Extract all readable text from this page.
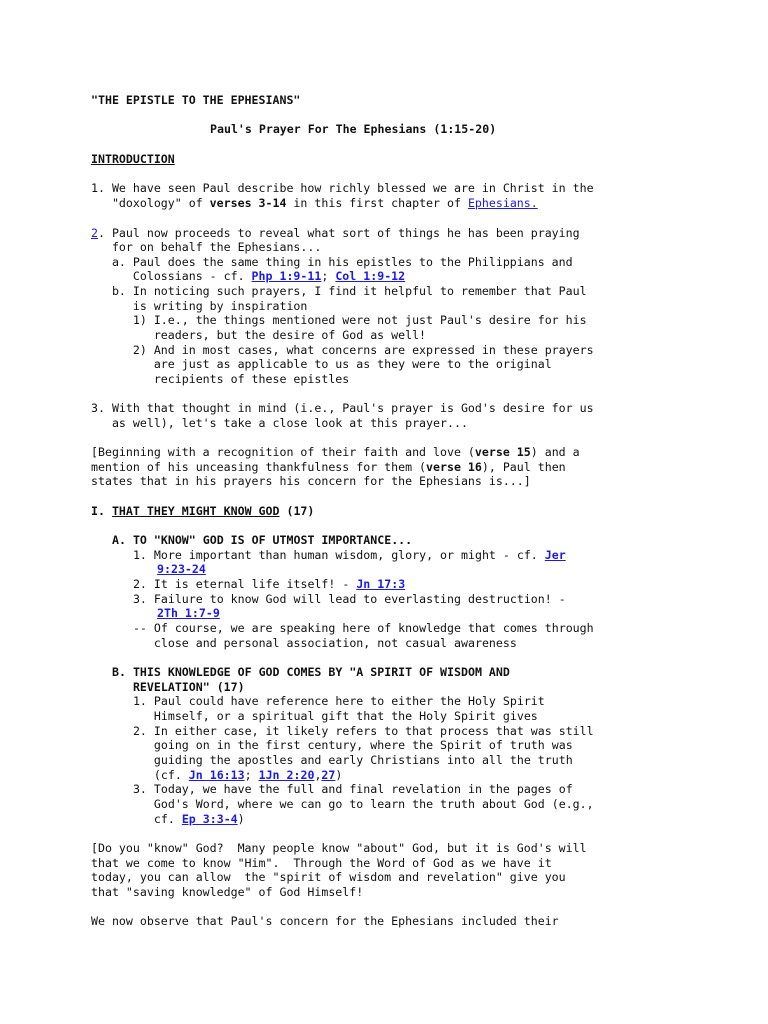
"THE EPISTLE TO THE EPHESIANS"
Paul's Prayer For The Ephesians (1:15-20)
INTRODUCTION
1. We have seen Paul describe how richly blessed we are in Christ in the
"doxology" of verses 3-14 in this first chapter of Ephesians.
2. Paul now proceeds to reveal what sort of things he has been praying
for on behalf the Ephesians...
a. Paul does the same thing in his epistles to the Philippians and
Colossians - cf. Php 1:9-11; Col 1:9-12
b. In noticing such prayers, I find it helpful to remember that Paul
is writing by inspiration
1) I.e., the things mentioned were not just Paul's desire for his
readers, but the desire of God as well!
2) And in most cases, what concerns are expressed in these prayers
are just as applicable to us as they were to the original
recipients of these epistles
3. With that thought in mind (i.e., Paul's prayer is God's desire for us
as well), let's take a close look at this prayer...
[Beginning with a recognition of their faith and love (verse 15) and a
mention of his unceasing thankfulness for them (verse 16), Paul then
states that in his prayers his concern for the Ephesians is...]
I. THAT THEY MIGHT KNOW GOD (17)
A. TO "KNOW" GOD IS OF UTMOST IMPORTANCE...
1. More important than human wisdom, glory, or might - cf. Jer
9:23-24
2. It is eternal life itself! - Jn 17:3
3. Failure to know God will lead to everlasting destruction! -
2Th 1:7-9
-- Of course, we are speaking here of knowledge that comes through
close and personal association, not casual awareness
B. THIS KNOWLEDGE OF GOD COMES BY "A SPIRIT OF WISDOM AND
REVELATION" (17)
1. Paul could have reference here to either the Holy Spirit
Himself, or a spiritual gift that the Holy Spirit gives
2. In either case, it likely refers to that process that was still
going on in the first century, where the Spirit of truth was
guiding the apostles and early Christians into all the truth
(cf. Jn 16:13; 1Jn 2:20,27)
3. Today, we have the full and final revelation in the pages of
God's Word, where we can go to learn the truth about God (e.g.,
cf. Ep 3:3-4)
[Do you "know" God?  Many people know "about" God, but it is God's will
that we come to know "Him".  Through the Word of God as we have it
today, you can allow  the "spirit of wisdom and revelation" give you
that "saving knowledge" of God Himself!
We now observe that Paul's concern for the Ephesians included their
